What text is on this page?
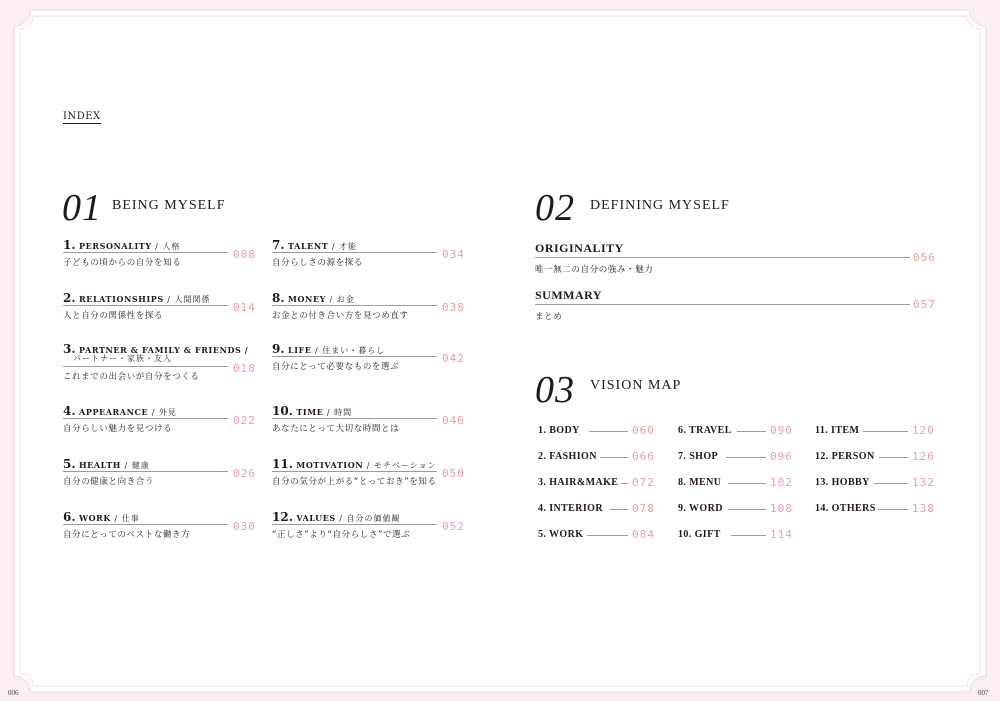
INDEX
01 BEING MYSELF
1. PERSONALITY / 人格
子どもの頃からの自分を知る
008
2. RELATIONSHIPS / 人間関係
人と自分の関係性を探る
014
パートナー・家族・友人
3. PARTNER & FAMILY & FRIENDS /
これまでの出会いが自分をつくる
018
4. APPEARANCE / 外見
自分らしい魅力を見つける
022
5. HEALTH / 健康
自分の健康と向き合う
026
6. WORK / 仕事
自分にとってのベストな働き方
030
7. TALENT / 才能
自分らしさの源を探る
034
8. MONEY / お金
お金との付き合い方を見つめ直す
038
9. LIFE / 住まい・暮らし
自分にとって必要なものを選ぶ
042
10. TIME / 時間
あなたにとって大切な時間とは
046
11. MOTIVATION / モチベーション
自分の気分が上がる“とっておき”を知る
050
12. VALUES / 自分の価値観
“正しさ”より“自分らしさ”で選ぶ
052
02 DEFINING MYSELF
ORIGINALITY
唯一無二の自分の強み・魅力
056
SUMMARY
まとめ
057
03 VISION MAP
1. BODY	060
2. FASHION	066
3. HAIR&MAKE 072
4. INTERIOR	078
5. WORK	084
6. TRAVEL	090
7. SHOP	096
8. MENU	102
9. WORD	108
10. GIFT	114
11. ITEM	120
12. PERSON	126
13. HOBBY	132
14. OTHERS	138
006	007
